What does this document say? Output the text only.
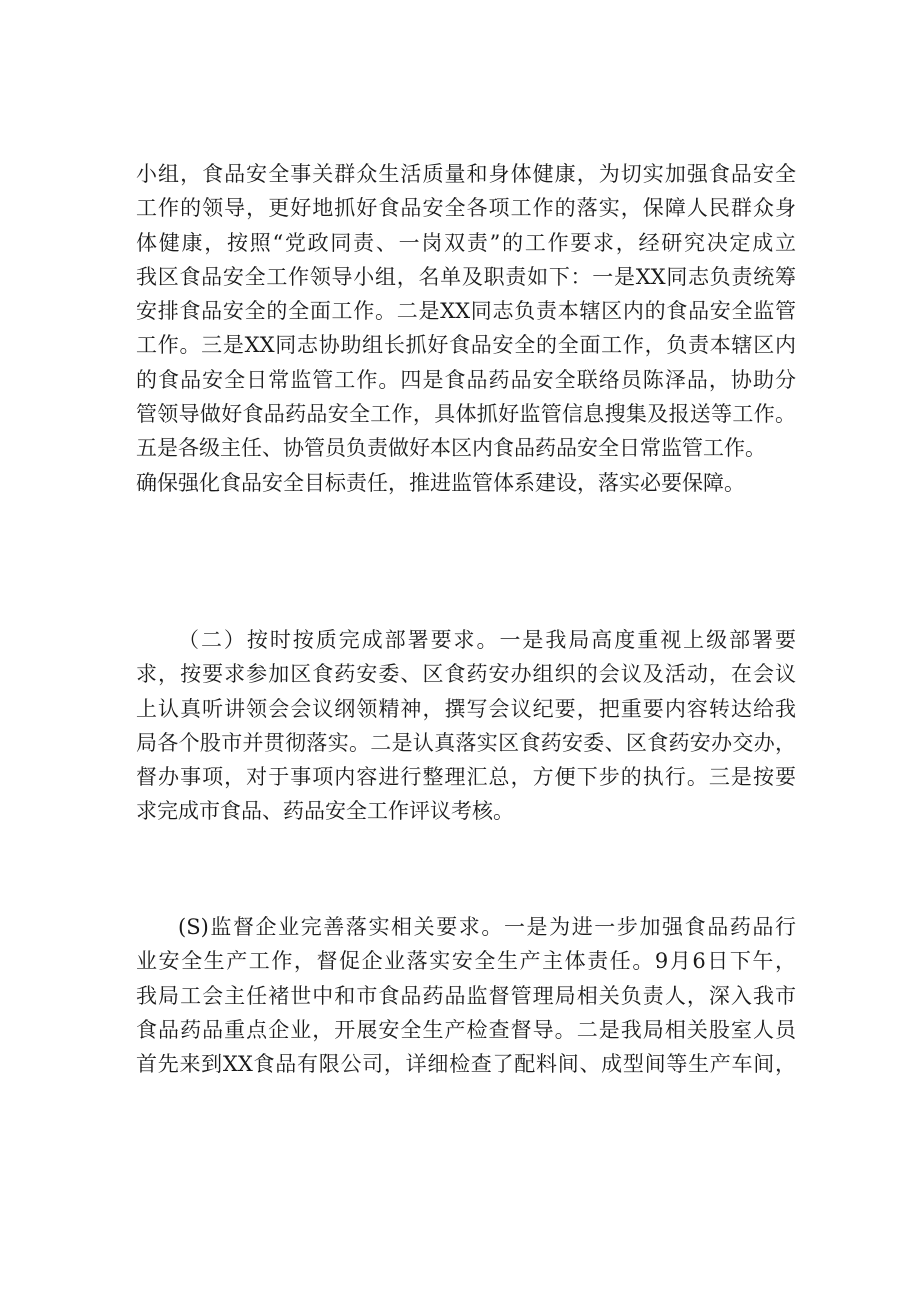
小组，食品安全事关群众生活质量和身体健康，为切实加强食品安全
工作的领导，更好地抓好食品安全各项工作的落实，保障人民群众身
体健康，按照“党政同责、一岗双责”的工作要求，经研究决定成立
我区食品安全工作领导小组，名单及职责如下：一是XX同志负责统筹
安排食品安全的全面工作。二是XX同志负责本辖区内的食品安全监管
工作。三是XX同志协助组长抓好食品安全的全面工作，负责本辖区内
的食品安全日常监管工作。四是食品药品安全联络员陈泽品，协助分
管领导做好食品药品安全工作，具体抓好监管信息搜集及报送等工作。
五是各级主任、协管员负责做好本区内食品药品安全日常监管工作。
确保强化食品安全目标责任，推进监管体系建设，落实必要保障。
（二）按时按质完成部署要求。一是我局高度重视上级部署要
求，按要求参加区食药安委、区食药安办组织的会议及活动，在会议
上认真听讲领会会议纲领精神，撰写会议纪要，把重要内容转达给我
局各个股市并贯彻落实。二是认真落实区食药安委、区食药安办交办，
督办事项，对于事项内容进行整理汇总，方便下步的执行。三是按要
求完成市食品、药品安全工作评议考核。
(S)监督企业完善落实相关要求。一是为进一步加强食品药品行
业安全生产工作，督促企业落实安全生产主体责任。9月6日下午，
我局工会主任褚世中和市食品药品监督管理局相关负责人，深入我市
食品药品重点企业，开展安全生产检查督导。二是我局相关股室人员
首先来到XX食品有限公司，详细检查了配料间、成型间等生产车间，
